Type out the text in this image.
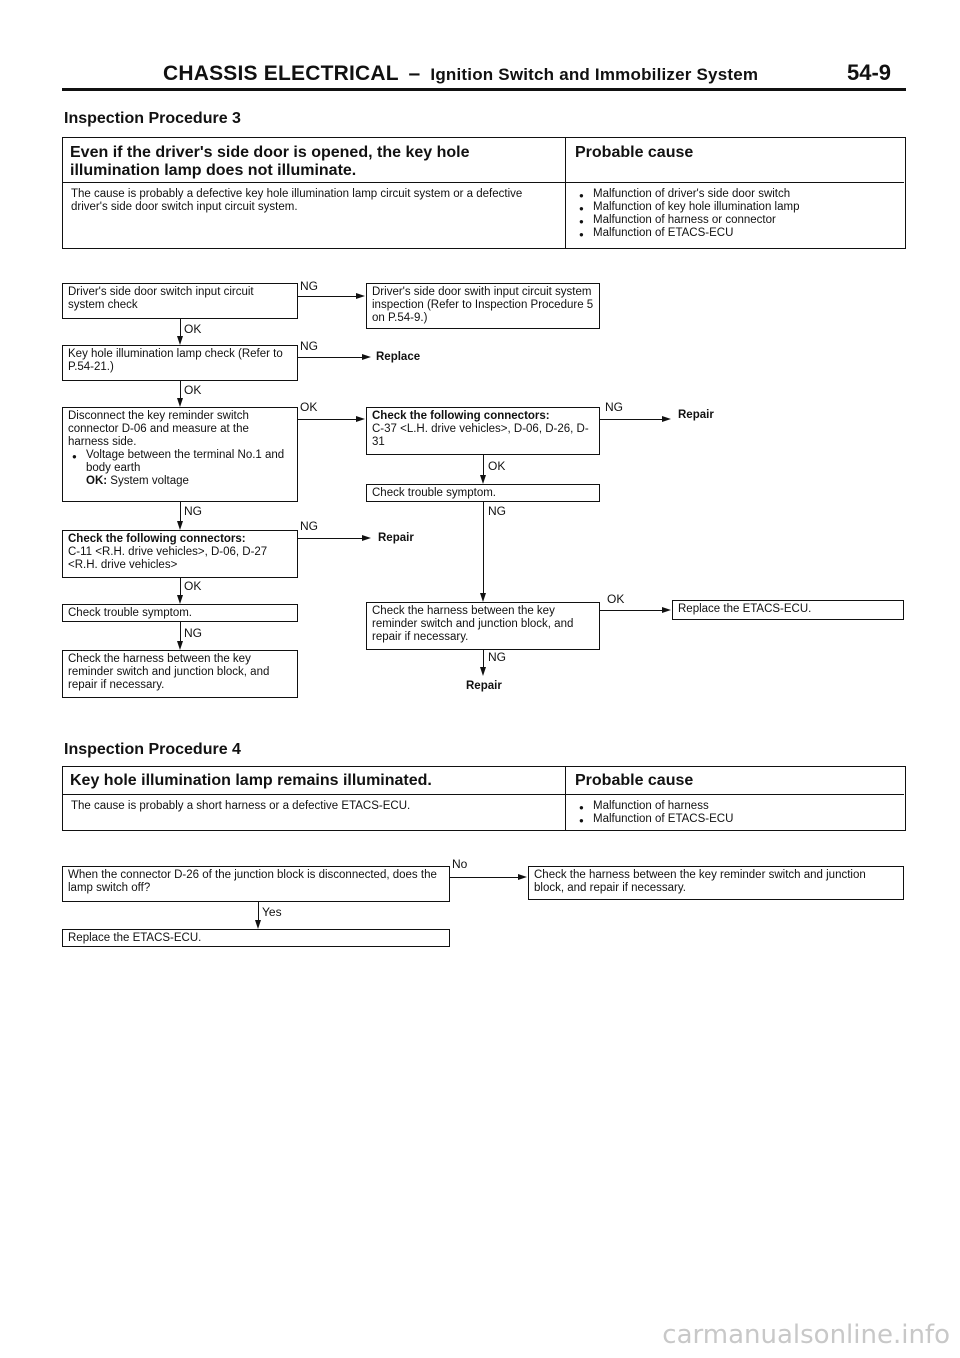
CHASSIS ELECTRICAL – Ignition Switch and Immobilizer System	54-9
Inspection Procedure 3
Even if the driver's side door is opened, the key hole illumination lamp does not illuminate.
Probable cause
The cause is probably a defective key hole illumination lamp circuit system or a defective driver's side door switch input circuit system.
● Malfunction of driver's side door switch
● Malfunction of key hole illumination lamp
● Malfunction of harness or connector
● Malfunction of ETACS-ECU
Driver's side door switch input circuit system check
Key hole illumination lamp check (Refer to P.54-21.)
Disconnect the key reminder switch connector D-06 and measure at the harness side.
● Voltage between the terminal No.1 and body earth
OK: System voltage
Check the following connectors:
C-11 <R.H. drive vehicles>, D-06, D-27 <R.H. drive vehicles>
Check trouble symptom.
Check the harness between the key reminder switch and junction block, and repair if necessary.
Driver's side door swith input circuit system inspection (Refer to Inspection Procedure 5 on P.54-9.)
Replace
Check the following connectors:
C-37 <L.H. drive vehicles>, D-06, D-26, D-31
Repair
Check trouble symptom.
Repair
Check the harness between the key reminder switch and junction block, and repair if necessary.
Replace the ETACS-ECU.
Repair
NG
NG
OK	NG
NG
OK
OK
OK
NG
OK
NG
OK
NG
NG
Inspection Procedure 4
Key hole illumination lamp remains illuminated.	Probable cause
The cause is probably a short harness or a defective ETACS-ECU.
●	Malfunction of harness
● Malfunction of ETACS-ECU
When the connector D-26 of the junction block is disconnected, does the lamp switch off?
Check the harness between the key reminder switch and junction block, and repair if necessary.
Replace the ETACS-ECU.
No
Yes
carmanualsonline.info
